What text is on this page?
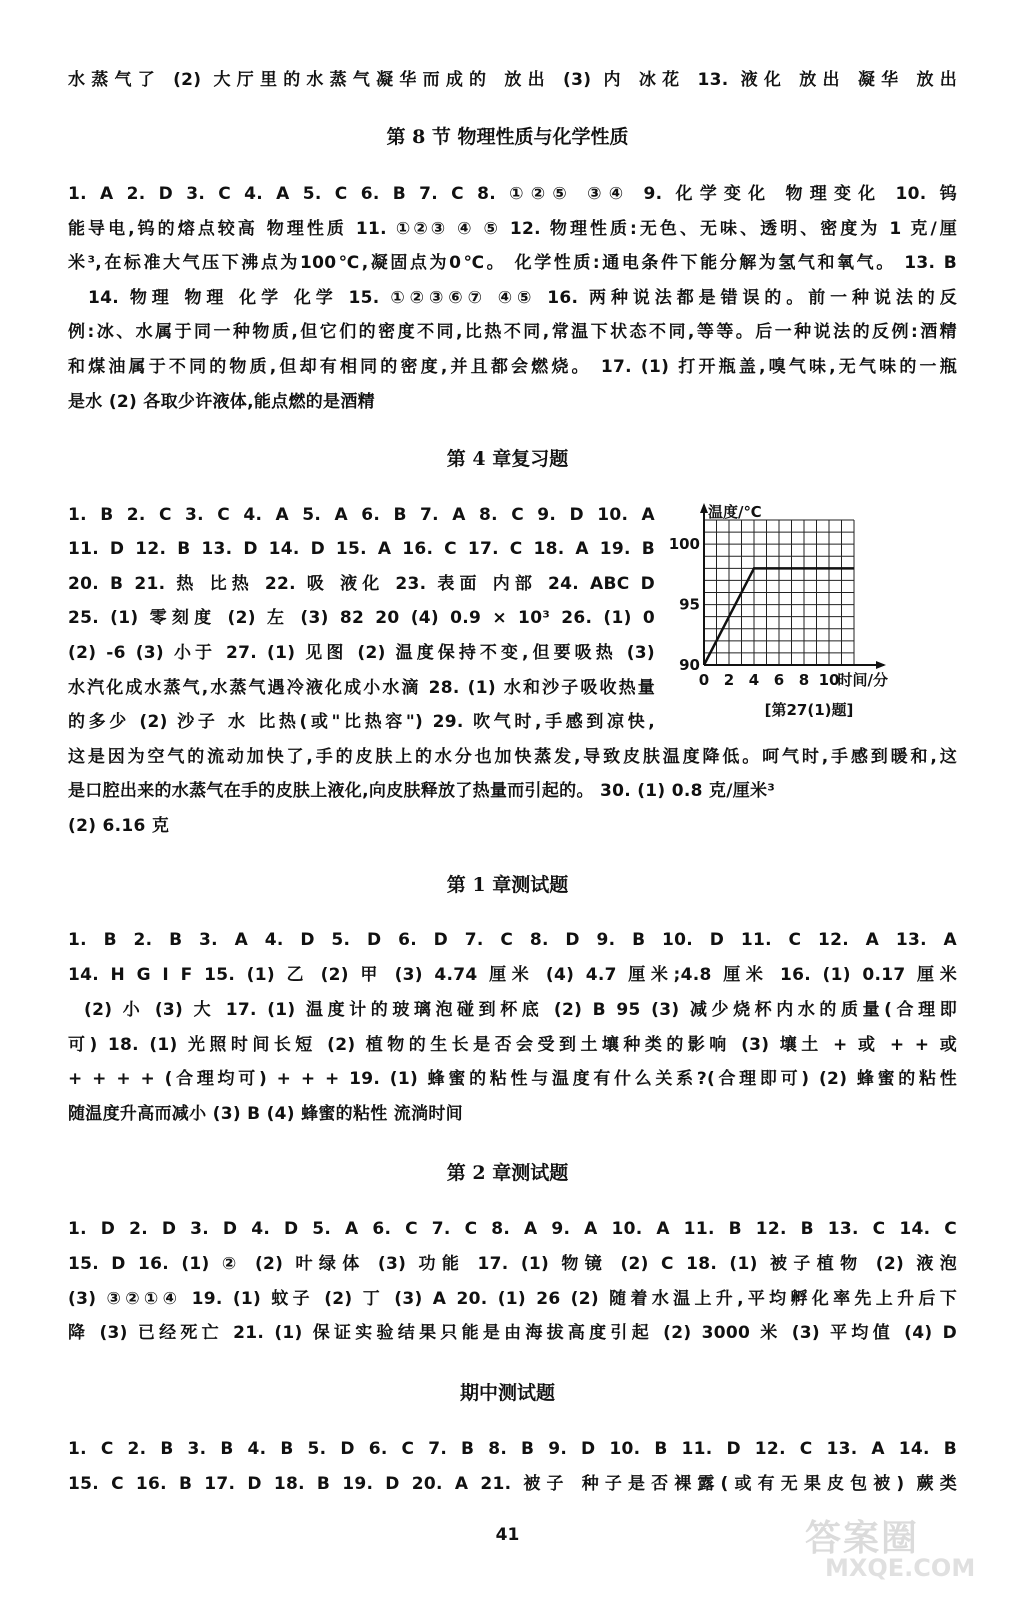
水蒸气了 (2) 大厅里的水蒸气凝华而成的 放出 (3) 内 冰花 13. 液化 放出 凝华 放出
第 8 节 物理性质与化学性质
1. A 2. D 3. C 4. A 5. C 6. B 7. C 8. ①②⑤ ③④ 9. 化学变化 物理变化 10. 钨
能导电,钨的熔点较高 物理性质 11. ①②③ ④ ⑤ 12. 物理性质:无色、无味、透明、密度为 1 克/厘
米³,在标准大气压下沸点为100℃,凝固点为0℃。 化学性质:通电条件下能分解为氢气和氧气。 13. B
14. 物理 物理 化学 化学 15. ①②③⑥⑦ ④⑤ 16. 两种说法都是错误的。前一种说法的反
例:冰、水属于同一种物质,但它们的密度不同,比热不同,常温下状态不同,等等。后一种说法的反例:酒精
和煤油属于不同的物质,但却有相同的密度,并且都会燃烧。 17. (1) 打开瓶盖,嗅气味,无气味的一瓶
是水 (2) 各取少许液体,能点燃的是酒精
第 4 章复习题
1. B 2. C 3. C 4. A 5. A 6. B 7. A 8. C 9. D 10. A
11. D 12. B 13. D 14. D 15. A 16. C 17. C 18. A 19. B
20. B 21. 热 比热 22. 吸 液化 23. 表面 内部 24. ABC D
25. (1) 零刻度 (2) 左 (3) 82 20 (4) 0.9 × 10³ 26. (1) 0
(2) -6 (3) 小于 27. (1) 见图 (2) 温度保持不变,但要吸热 (3)
水汽化成水蒸气,水蒸气遇冷液化成小水滴 28. (1) 水和沙子吸收热量
的多少 (2) 沙子 水 比热(或"比热容") 29. 吹气时,手感到凉快,
这是因为空气的流动加快了,手的皮肤上的水分也加快蒸发,导致皮肤温度降低。呵气时,手感到暖和,这
是口腔出来的水蒸气在手的皮肤上液化,向皮肤释放了热量而引起的。 30. (1) 0.8 克/厘米³
(2) 6.16 克
温度/℃
90
95
100
0 2 4 6 8 10
时间/分
[第27(1)题]
第 1 章测试题
1. B 2. B 3. A 4. D 5. D 6. D 7. C 8. D 9. B 10. D 11. C 12. A 13. A
14. H G I F 15. (1) 乙 (2) 甲 (3) 4.74 厘米 (4) 4.7 厘米;4.8 厘米 16. (1) 0.17 厘米
(2) 小 (3) 大 17. (1) 温度计的玻璃泡碰到杯底 (2) B 95 (3) 减少烧杯内水的质量(合理即
可) 18. (1) 光照时间长短 (2) 植物的生长是否会受到土壤种类的影响 (3) 壤土 + 或 + + 或
+ + + + (合理均可) + + + 19. (1) 蜂蜜的粘性与温度有什么关系?(合理即可) (2) 蜂蜜的粘性
随温度升高而减小 (3) B (4) 蜂蜜的粘性 流淌时间
第 2 章测试题
1. D 2. D 3. D 4. D 5. A 6. C 7. C 8. A 9. A 10. A 11. B 12. B 13. C 14. C
15. D 16. (1) ② (2) 叶绿体 (3) 功能 17. (1) 物镜 (2) C 18. (1) 被子植物 (2) 液泡
(3) ③②①④ 19. (1) 蚊子 (2) 丁 (3) A 20. (1) 26 (2) 随着水温上升,平均孵化率先上升后下
降 (3) 已经死亡 21. (1) 保证实验结果只能是由海拔高度引起 (2) 3000 米 (3) 平均值 (4) D
期中测试题
1. C 2. B 3. B 4. B 5. D 6. C 7. B 8. B 9. D 10. B 11. D 12. C 13. A 14. B
15. C 16. B 17. D 18. B 19. D 20. A 21. 被子 种子是否裸露(或有无果皮包被) 蕨类
41	答案圈
MXQE.COM
